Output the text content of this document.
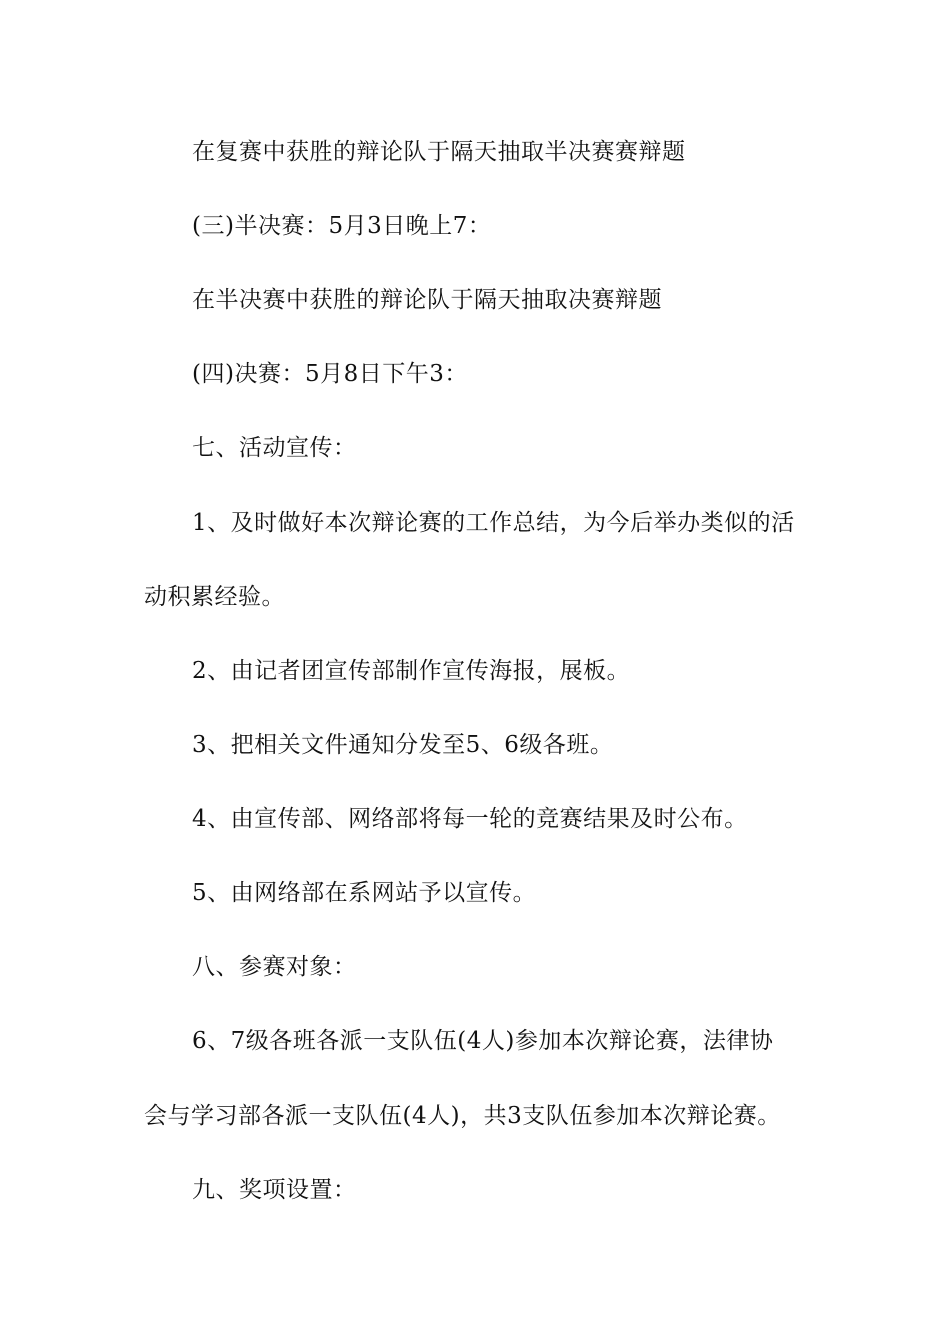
在复赛中获胜的辩论队于隔天抽取半决赛赛辩题
(三)半决赛：5月3日晚上7：
在半决赛中获胜的辩论队于隔天抽取决赛辩题
(四)决赛：5月8日下午3：
七、活动宣传：
1、及时做好本次辩论赛的工作总结，为今后举办类似的活
动积累经验。
2、由记者团宣传部制作宣传海报，展板。
3、把相关文件通知分发至5、6级各班。
4、由宣传部、网络部将每一轮的竞赛结果及时公布。
5、由网络部在系网站予以宣传。
八、参赛对象：
6、7级各班各派一支队伍(4人)参加本次辩论赛，法律协
会与学习部各派一支队伍(4人)，共3支队伍参加本次辩论赛。
九、奖项设置：
